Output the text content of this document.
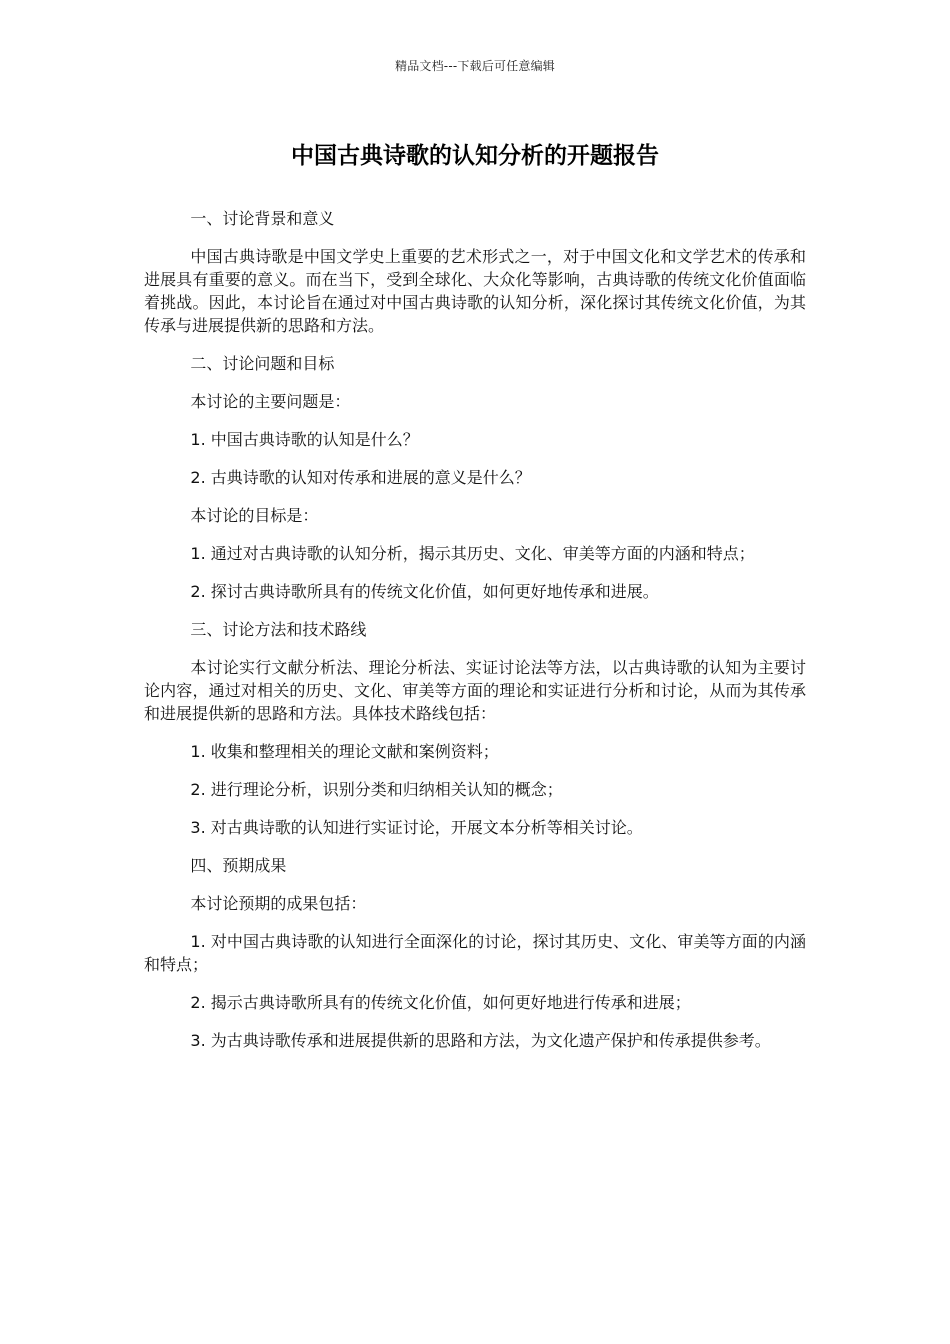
精品文档---下载后可任意编辑
中国古典诗歌的认知分析的开题报告

一、讨论背景和意义

中国古典诗歌是中国文学史上重要的艺术形式之一，对于中国文化和文学艺术的传承和进展具有重要的意义。而在当下，受到全球化、大众化等影响，古典诗歌的传统文化价值面临着挑战。因此，本讨论旨在通过对中国古典诗歌的认知分析，深化探讨其传统文化价值，为其传承与进展提供新的思路和方法。

二、讨论问题和目标

本讨论的主要问题是：

1. 中国古典诗歌的认知是什么？

2. 古典诗歌的认知对传承和进展的意义是什么？

本讨论的目标是：

1. 通过对古典诗歌的认知分析，揭示其历史、文化、审美等方面的内涵和特点；

2. 探讨古典诗歌所具有的传统文化价值，如何更好地传承和进展。

三、讨论方法和技术路线

本讨论实行文献分析法、理论分析法、实证讨论法等方法，以古典诗歌的认知为主要讨论内容，通过对相关的历史、文化、审美等方面的理论和实证进行分析和讨论，从而为其传承和进展提供新的思路和方法。具体技术路线包括：

1. 收集和整理相关的理论文献和案例资料；

2. 进行理论分析，识别分类和归纳相关认知的概念；

3. 对古典诗歌的认知进行实证讨论，开展文本分析等相关讨论。

四、预期成果

本讨论预期的成果包括：

1. 对中国古典诗歌的认知进行全面深化的讨论，探讨其历史、文化、审美等方面的内涵和特点；

2. 揭示古典诗歌所具有的传统文化价值，如何更好地进行传承和进展；

3. 为古典诗歌传承和进展提供新的思路和方法，为文化遗产保护和传承提供参考。
